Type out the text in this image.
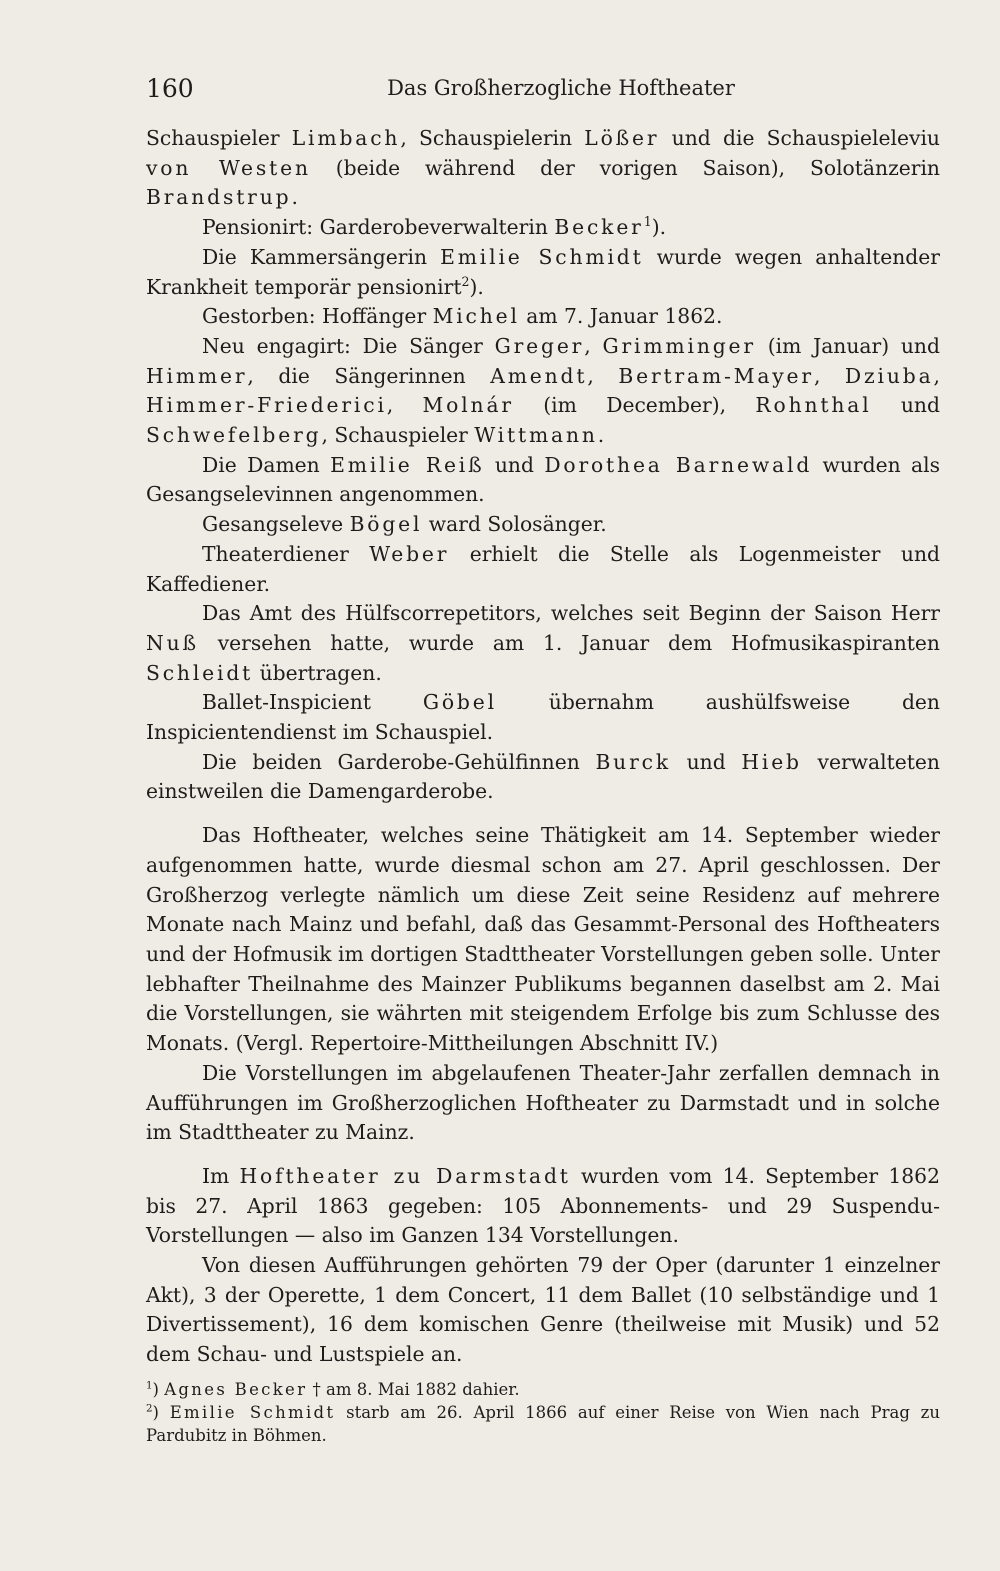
160	Das Großherzogliche Hoftheater

Schauspieler Limbach, Schauspielerin Lößer und die Schauspieleleviu von Westen (beide während der vorigen Saison), Solotänzerin Brandstrup.

Pensionirt: Garderobeverwalterin Becker$^1$).

Die Kammersängerin Emilie Schmidt wurde wegen anhaltender Krankheit temporär pensionirt$^2$).

Gestorben: Hoffänger Michel am 7. Januar 1862.

Neu engagirt: Die Sänger Greger, Grimminger (im Januar) und Himmer, die Sängerinnen Amendt, Bertram-Mayer, Dziuba, Himmer-Friederici, Molnár (im December), Rohnthal und Schwefelberg, Schauspieler Wittmann.

Die Damen Emilie Reiß und Dorothea Barnewald wurden als Gesangselevinnen angenommen.

Gesangseleve Bögel ward Solosänger.

Theaterdiener Weber erhielt die Stelle als Logenmeister und Kaffediener.

Das Amt des Hülfscorrepetitors, welches seit Beginn der Saison Herr Nuß versehen hatte, wurde am 1. Januar dem Hofmusikaspiranten Schleidt übertragen.

Ballet-Inspicient Göbel übernahm aushülfsweise den Inspicientendienst im Schauspiel.

Die beiden Garderobe-Gehülfinnen Burck und Hieb verwalteten einstweilen die Damengarderobe.

Das Hoftheater, welches seine Thätigkeit am 14. September wieder aufgenommen hatte, wurde diesmal schon am 27. April geschlossen. Der Großherzog verlegte nämlich um diese Zeit seine Residenz auf mehrere Monate nach Mainz und befahl, daß das Gesammt-Personal des Hoftheaters und der Hofmusik im dortigen Stadttheater Vorstellungen geben solle. Unter lebhafter Theilnahme des Mainzer Publikums begannen daselbst am 2. Mai die Vorstellungen, sie währten mit steigendem Erfolge bis zum Schlusse des Monats. (Vergl. Repertoire-Mittheilungen Abschnitt IV.)

Die Vorstellungen im abgelaufenen Theater-Jahr zerfallen demnach in Aufführungen im Großherzoglichen Hoftheater zu Darmstadt und in solche im Stadttheater zu Mainz.

Im Hoftheater zu Darmstadt wurden vom 14. September 1862 bis 27. April 1863 gegeben: 105 Abonnements- und 29 Suspendu-Vorstellungen — also im Ganzen 134 Vorstellungen.

Von diesen Aufführungen gehörten 79 der Oper (darunter 1 einzelner Akt), 3 der Operette, 1 dem Concert, 11 dem Ballet (10 selbständige und 1 Divertissement), 16 dem komischen Genre (theilweise mit Musik) und 52 dem Schau- und Lustspiele an.

$^1$) Agnes Becker † am 8. Mai 1882 dahier.

$^2$) Emilie Schmidt starb am 26. April 1866 auf einer Reise von Wien nach Prag zu Pardubitz in Böhmen.
